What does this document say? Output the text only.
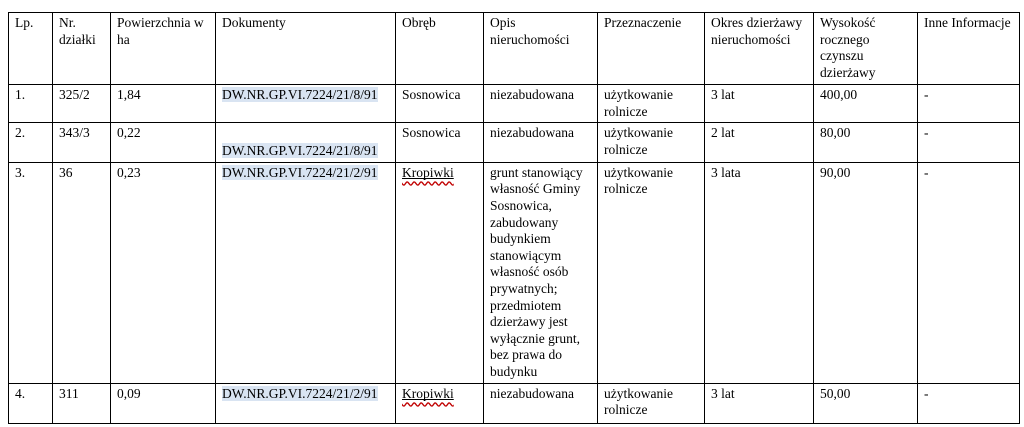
Lp.	Nr. działki	Powierzchnia w ha	Dokumenty	Obręb	Opis nieruchomości	Przeznaczenie	Okres dzierżawy nieruchomości	Wysokość rocznego czynszu dzierżawy	Inne Informacje
1.	325/2	1,84	DW.NR.GP.VI.7224/21/8/91	Sosnowica	niezabudowana	użytkowanie rolnicze	3 lat	400,00	-
2.	343/3	0,22	DW.NR.GP.VI.7224/21/8/91	Sosnowica	niezabudowana	użytkowanie rolnicze	2 lat	80,00	-
3.	36	0,23	DW.NR.GP.VI.7224/21/2/91	Kropiwki	grunt stanowiący własność Gminy Sosnowica, zabudowany budynkiem stanowiącym własność osób prywatnych; przedmiotem dzierżawy jest wyłącznie grunt, bez prawa do budynku	użytkowanie rolnicze	3 lata	90,00	-
4.	311	0,09	DW.NR.GP.VI.7224/21/2/91	Kropiwki	niezabudowana	użytkowanie rolnicze	3 lat	50,00	-
